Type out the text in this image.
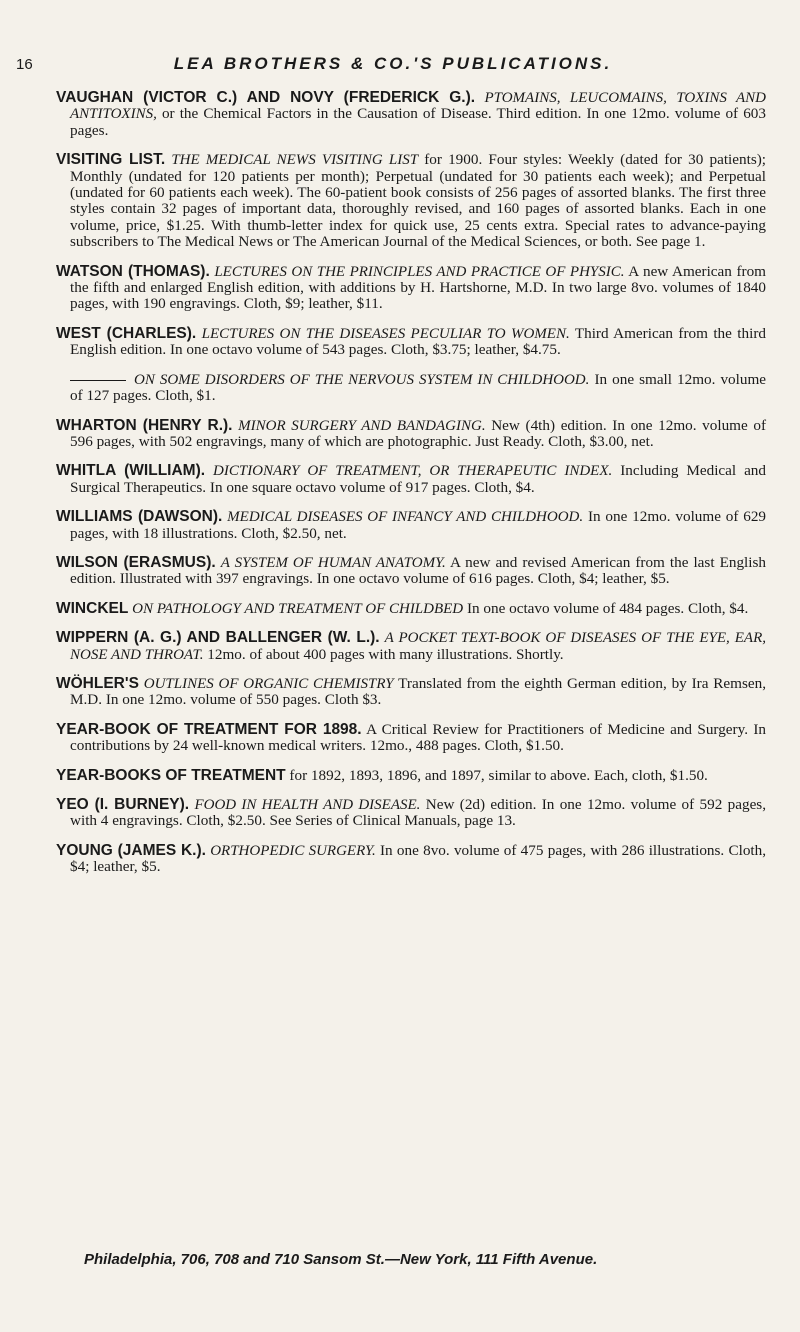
16	LEA BROTHERS & CO.'S PUBLICATIONS.

VAUGHAN (VICTOR C.) AND NOVY (FREDERICK G.). PTOMAINS, LEUCOMAINS, TOXINS AND ANTITOXINS, or the Chemical Factors in the Causation of Disease. Third edition. In one 12mo. volume of 603 pages.

VISITING LIST. THE MEDICAL NEWS VISITING LIST for 1900. Four styles: Weekly (dated for 30 patients); Monthly (undated for 120 patients per month); Perpetual (undated for 30 patients each week); and Perpetual (undated for 60 patients each week). The 60-patient book consists of 256 pages of assorted blanks. The first three styles contain 32 pages of important data, thoroughly revised, and 160 pages of assorted blanks. Each in one volume, price, $1.25. With thumb-letter index for quick use, 25 cents extra. Special rates to advance-paying subscribers to The Medical News or The American Journal of the Medical Sciences, or both. See page 1.

WATSON (THOMAS). LECTURES ON THE PRINCIPLES AND PRACTICE OF PHYSIC. A new American from the fifth and enlarged English edition, with additions by H. Hartshorne, M.D. In two large 8vo. volumes of 1840 pages, with 190 engravings. Cloth, $9; leather, $11.

WEST (CHARLES). LECTURES ON THE DISEASES PECULIAR TO WOMEN. Third American from the third English edition. In one octavo volume of 543 pages. Cloth, $3.75; leather, $4.75.

ON SOME DISORDERS OF THE NERVOUS SYSTEM IN CHILDHOOD. In one small 12mo. volume of 127 pages. Cloth, $1.

WHARTON (HENRY R.). MINOR SURGERY AND BANDAGING. New (4th) edition. In one 12mo. volume of 596 pages, with 502 engravings, many of which are photographic. Just Ready. Cloth, $3.00, net.

WHITLA (WILLIAM). DICTIONARY OF TREATMENT, OR THERAPEUTIC INDEX. Including Medical and Surgical Therapeutics. In one square octavo volume of 917 pages. Cloth, $4.

WILLIAMS (DAWSON). MEDICAL DISEASES OF INFANCY AND CHILDHOOD. In one 12mo. volume of 629 pages, with 18 illustrations. Cloth, $2.50, net.

WILSON (ERASMUS). A SYSTEM OF HUMAN ANATOMY. A new and revised American from the last English edition. Illustrated with 397 engravings. In one octavo volume of 616 pages. Cloth, $4; leather, $5.

WINCKEL ON PATHOLOGY AND TREATMENT OF CHILDBED In one octavo volume of 484 pages. Cloth, $4.

WIPPERN (A. G.) AND BALLENGER (W. L.). A POCKET TEXT-BOOK OF DISEASES OF THE EYE, EAR, NOSE AND THROAT. 12mo. of about 400 pages with many illustrations. Shortly.

WÖHLER'S OUTLINES OF ORGANIC CHEMISTRY Translated from the eighth German edition, by Ira Remsen, M.D. In one 12mo. volume of 550 pages. Cloth $3.

YEAR-BOOK OF TREATMENT FOR 1898. A Critical Review for Practitioners of Medicine and Surgery. In contributions by 24 well-known medical writers. 12mo., 488 pages. Cloth, $1.50.

YEAR-BOOKS OF TREATMENT for 1892, 1893, 1896, and 1897, similar to above. Each, cloth, $1.50.

YEO (I. BURNEY). FOOD IN HEALTH AND DISEASE. New (2d) edition. In one 12mo. volume of 592 pages, with 4 engravings. Cloth, $2.50. See Series of Clinical Manuals, page 13.

YOUNG (JAMES K.). ORTHOPEDIC SURGERY. In one 8vo. volume of 475 pages, with 286 illustrations. Cloth, $4; leather, $5.

Philadelphia, 706, 708 and 710 Sansom St.—New York, 111 Fifth Avenue.
